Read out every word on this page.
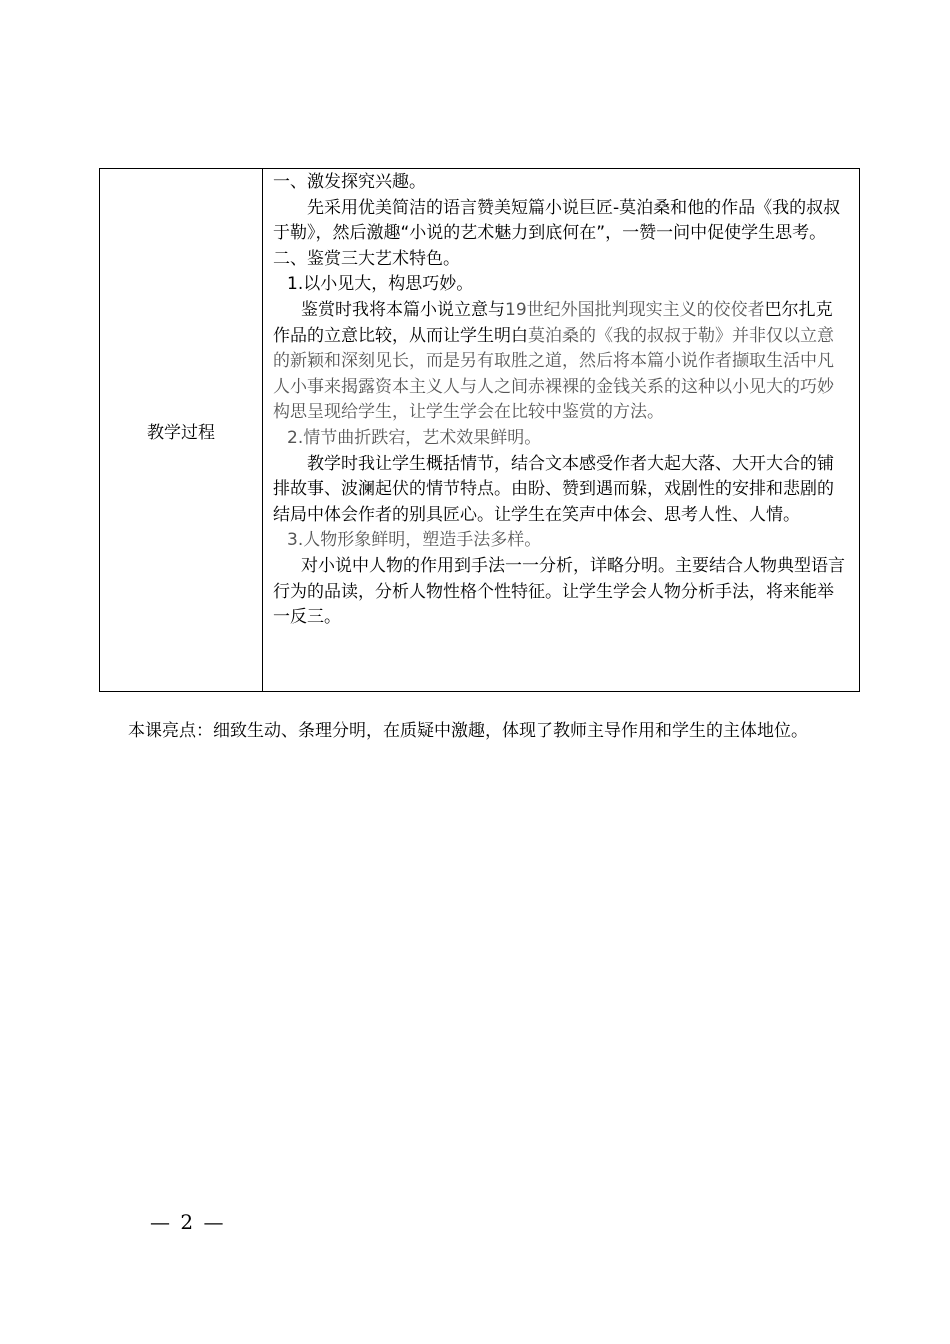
教学过程

一、激发探究兴趣。

先采用优美简洁的语言赞美短篇小说巨匠-莫泊桑和他的作品《我的叔叔于勒》，然后激趣“小说的艺术魅力到底何在”，一赞一问中促使学生思考。

二、鉴赏三大艺术特色。

1.以小见大，构思巧妙。

鉴赏时我将本篇小说立意与19世纪外国批判现实主义的佼佼者巴尔扎克作品的立意比较，从而让学生明白莫泊桑的《我的叔叔于勒》并非仅以立意的新颖和深刻见长，而是另有取胜之道，然后将本篇小说作者撷取生活中凡人小事来揭露资本主义人与人之间赤裸裸的金钱关系的这种以小见大的巧妙构思呈现给学生，让学生学会在比较中鉴赏的方法。

2.情节曲折跌宕，艺术效果鲜明。

教学时我让学生概括情节，结合文本感受作者大起大落、大开大合的铺排故事、波澜起伏的情节特点。由盼、赞到遇而躲，戏剧性的安排和悲剧的结局中体会作者的别具匠心。让学生在笑声中体会、思考人性、人情。

3.人物形象鲜明，塑造手法多样。

对小说中人物的作用到手法一一分析，详略分明。主要结合人物典型语言行为的品读，分析人物性格个性特征。让学生学会人物分析手法，将来能举一反三。

本课亮点：细致生动、条理分明，在质疑中激趣，体现了教师主导作用和学生的主体地位。
— 2 —
